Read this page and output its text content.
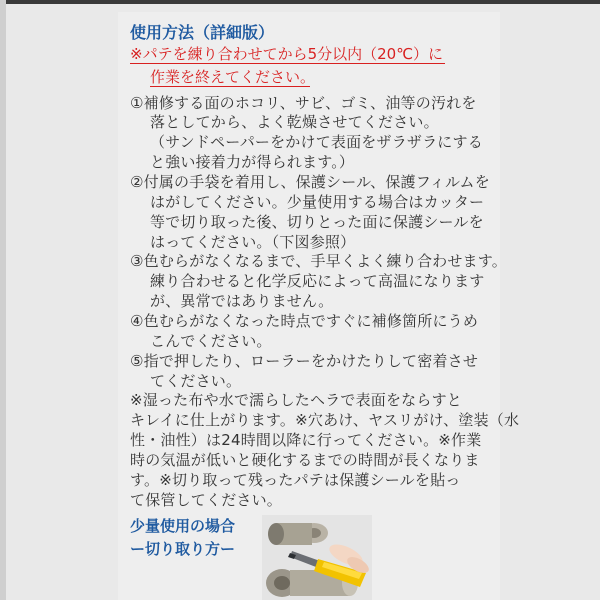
使用方法（詳細版）
※パテを練り合わせてから5分以内（20℃）に
作業を終えてください。
①補修する面のホコリ、サビ、ゴミ、油等の汚れを
落としてから、よく乾燥させてください。
（サンドペーパーをかけて表面をザラザラにする
と強い接着力が得られます。）
②付属の手袋を着用し、保護シール、保護フィルムを
はがしてください。少量使用する場合はカッター
等で切り取った後、切りとった面に保護シールを
はってください。（下図参照）
③色むらがなくなるまで、手早くよく練り合わせます。
練り合わせると化学反応によって高温になります
が、異常ではありません。
④色むらがなくなった時点ですぐに補修箇所にうめ
こんでください。
⑤指で押したり、ローラーをかけたりして密着させ
てください。
※湿った布や水で濡らしたヘラで表面をならすと
キレイに仕上がります。※穴あけ、ヤスリがけ、塗装（水
性・油性）は24時間以降に行ってください。※作業
時の気温が低いと硬化するまでの時間が長くなりま
す。※切り取って残ったパテは保護シールを貼っ
て保管してください。
少量使用の場合
ー切り取り方ー
